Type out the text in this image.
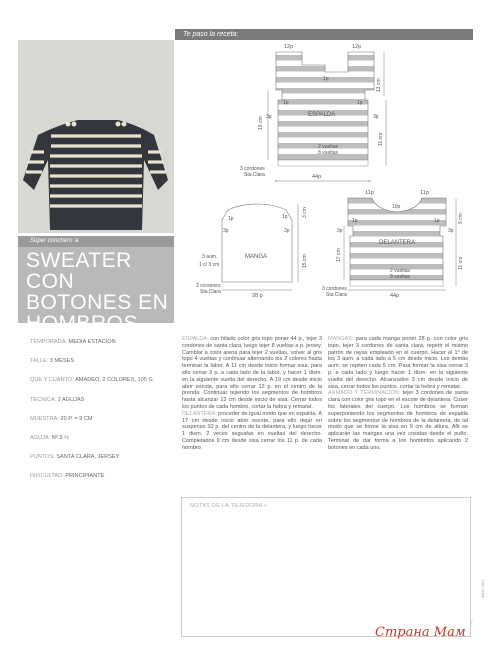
Te paso la receta:
Súper conchero 'a
SWEATER CON BOTONES EN HOMBROS
TEMPORADA: MEDIA ESTACION
TALLE: 3 MESES
QUE Y CUANTO: AMADEO, 2 COLORES, 105 G
TECNICA: 2 AGUJAS
MUESTRA: 20 P. = 9 CM
AGUJA: Nº 3 ½
PUNTOS: SANTA CLARA, JERSEY
DIFICULTAD: PRINCIPIANTE
ESPALDA: con hilado color gris topo poner 44 p., tejer 3 cordones de santa clara, luego tejer 8 vueltas a p. jersey. Cambiar a color arena para tejer 2 vueltas, volver al gris topo 4 vueltas y continuar alternando los 2 colores hasta terminar la labor. A 11 cm desde inicio formar sisa, para ello cerrar 3 p. a cada lado de la labor, y hacer 1 dism. en la siguiente vuelta del derecho. A 19 cm desde inicio abrir escote, para ello cerrar 12 p. en el centro de la prenda. Continuar tejiendo los segmentos de hombros hasta alcanzar 13 cm desde inicio de sisa. Cerrar todos los puntos de cada hombro, cortar la hebra y rematar.
DELANTERA: proceder de igual modo que en espalda. A 17 cm desde inicio abrir escote, para ello dejar en suspenso 10 p. del centro de la delantera, y luego hacer 1 dism. 2 veces seguidas en vueltas del derecho. Completados 9 cm desde sisa cerrar los 11 p. de cada hombro.
MANGAS: para cada manga poner 28 p. con color gris topo, tejer 3 cordones de santa clara, repetir el mismo patrón de rayas empleado en el cuerpo. Hacer el 1° de los 3 aum. a cada lado a 5 cm desde inicio. Los demás aum. se repiten cada 5 cm. Para formar la sisa cerrar 3 p. a cada lado y luego hacer 1 dism. en la siguiente vuelta del derecho. Alcanzados 3 cm desde inicio de sisa, cerrar todos los puntos, cortar la hebra y rematar.
ARMADO Y TERMINACIÓN: tejer 3 cordones de santa clara con color gris topo en el escote de delantera. Coser los laterales del cuerpo. Los hombros se forman superponiendo los segmentos de hombros de espalda sobre los segmentos de hombros de la delantera, de tal modo que se forme la sisa en 9 cm de altura. Allí se aplicarán las mangas una vez cosidas desde el puño. Terminar de dar forma a los hombritos aplicando 2 botones en cada uno.
NOTAS DE LA TEJEDORA »
MAYO 2011
7
Страна Мам
12p	12p
1p
1p	1p
3p	3p
ESPALDA
2 vueltas
8 vueltas
13 cm
19 cm
11 cm
3 cordones
Sta.Clara	44p
1p
3p
1p
3p
MANGA
3 aum.
1 c/ 3 cm
3 cm
15 cm
3 corsones
Sta.Clara
28 p
11p	11p
10p
1p	1p
3p	3p
DELANTERA
2 vueltas
8 vueltas
9 cm
17 cm
11 cm
3 cordones
Sta.Clara	44p
